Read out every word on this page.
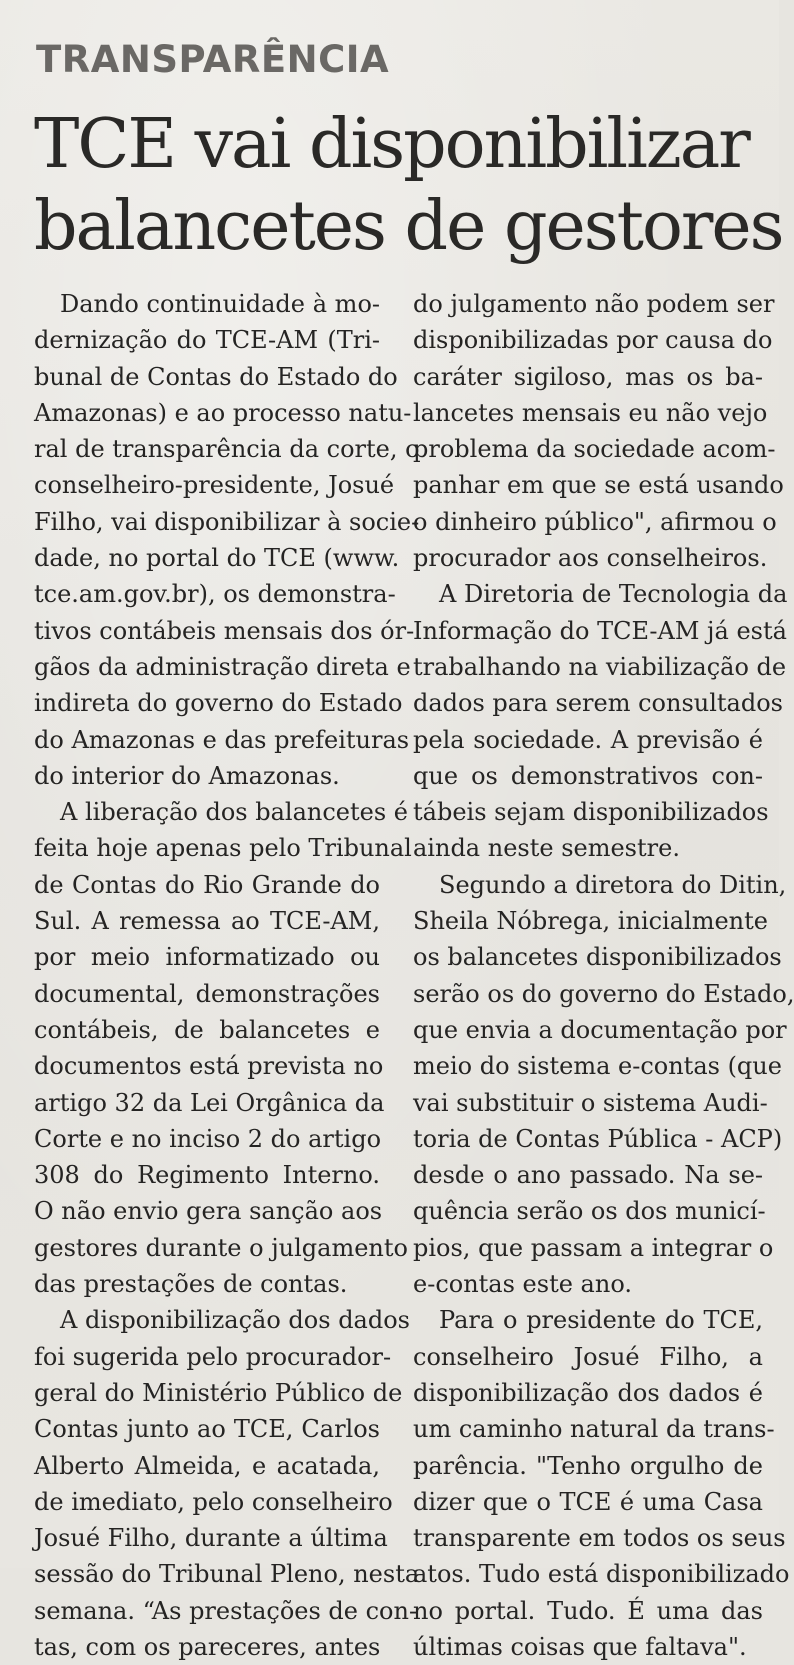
TRANSPARÊNCIA
TCE vai disponibilizar
balancetes de gestores
Dando continuidade à mo-
dernização do TCE-AM (Tri-
bunal de Contas do Estado do
Amazonas) e ao processo natu-
ral de transparência da corte, o
conselheiro-presidente, Josué
Filho, vai disponibilizar à socie-
dade, no portal do TCE (www.
tce.am.gov.br), os demonstra-
tivos contábeis mensais dos ór-
gãos da administração direta e
indireta do governo do Estado
do Amazonas e das prefeituras
do interior do Amazonas.
A liberação dos balancetes é
feita hoje apenas pelo Tribunal
de Contas do Rio Grande do
Sul. A remessa ao TCE-AM,
por meio informatizado ou
documental, demonstrações
contábeis, de balancetes e
documentos está prevista no
artigo 32 da Lei Orgânica da
Corte e no inciso 2 do artigo
308 do Regimento Interno.
O não envio gera sanção aos
gestores durante o julgamento
das prestações de contas.
A disponibilização dos dados
foi sugerida pelo procurador-
geral do Ministério Público de
Contas junto ao TCE, Carlos
Alberto Almeida, e acatada,
de imediato, pelo conselheiro
Josué Filho, durante a última
sessão do Tribunal Pleno, nesta
semana. “As prestações de con-
tas, com os pareceres, antes
do julgamento não podem ser
disponibilizadas por causa do
caráter sigiloso, mas os ba-
lancetes mensais eu não vejo
problema da sociedade acom-
panhar em que se está usando
o dinheiro público", afirmou o
procurador aos conselheiros.
A Diretoria de Tecnologia da
Informação do TCE-AM já está
trabalhando na viabilização de
dados para serem consultados
pela sociedade. A previsão é
que os demonstrativos con-
tábeis sejam disponibilizados
ainda neste semestre.
Segundo a diretora do Ditin,
Sheila Nóbrega, inicialmente
os balancetes disponibilizados
serão os do governo do Estado,
que envia a documentação por
meio do sistema e-contas (que
vai substituir o sistema Audi-
toria de Contas Pública - ACP)
desde o ano passado. Na se-
quência serão os dos municí-
pios, que passam a integrar o
e-contas este ano.
Para o presidente do TCE,
conselheiro Josué Filho, a
disponibilização dos dados é
um caminho natural da trans-
parência. "Tenho orgulho de
dizer que o TCE é uma Casa
transparente em todos os seus
atos. Tudo está disponibilizado
no portal. Tudo. É uma das
últimas coisas que faltava".
